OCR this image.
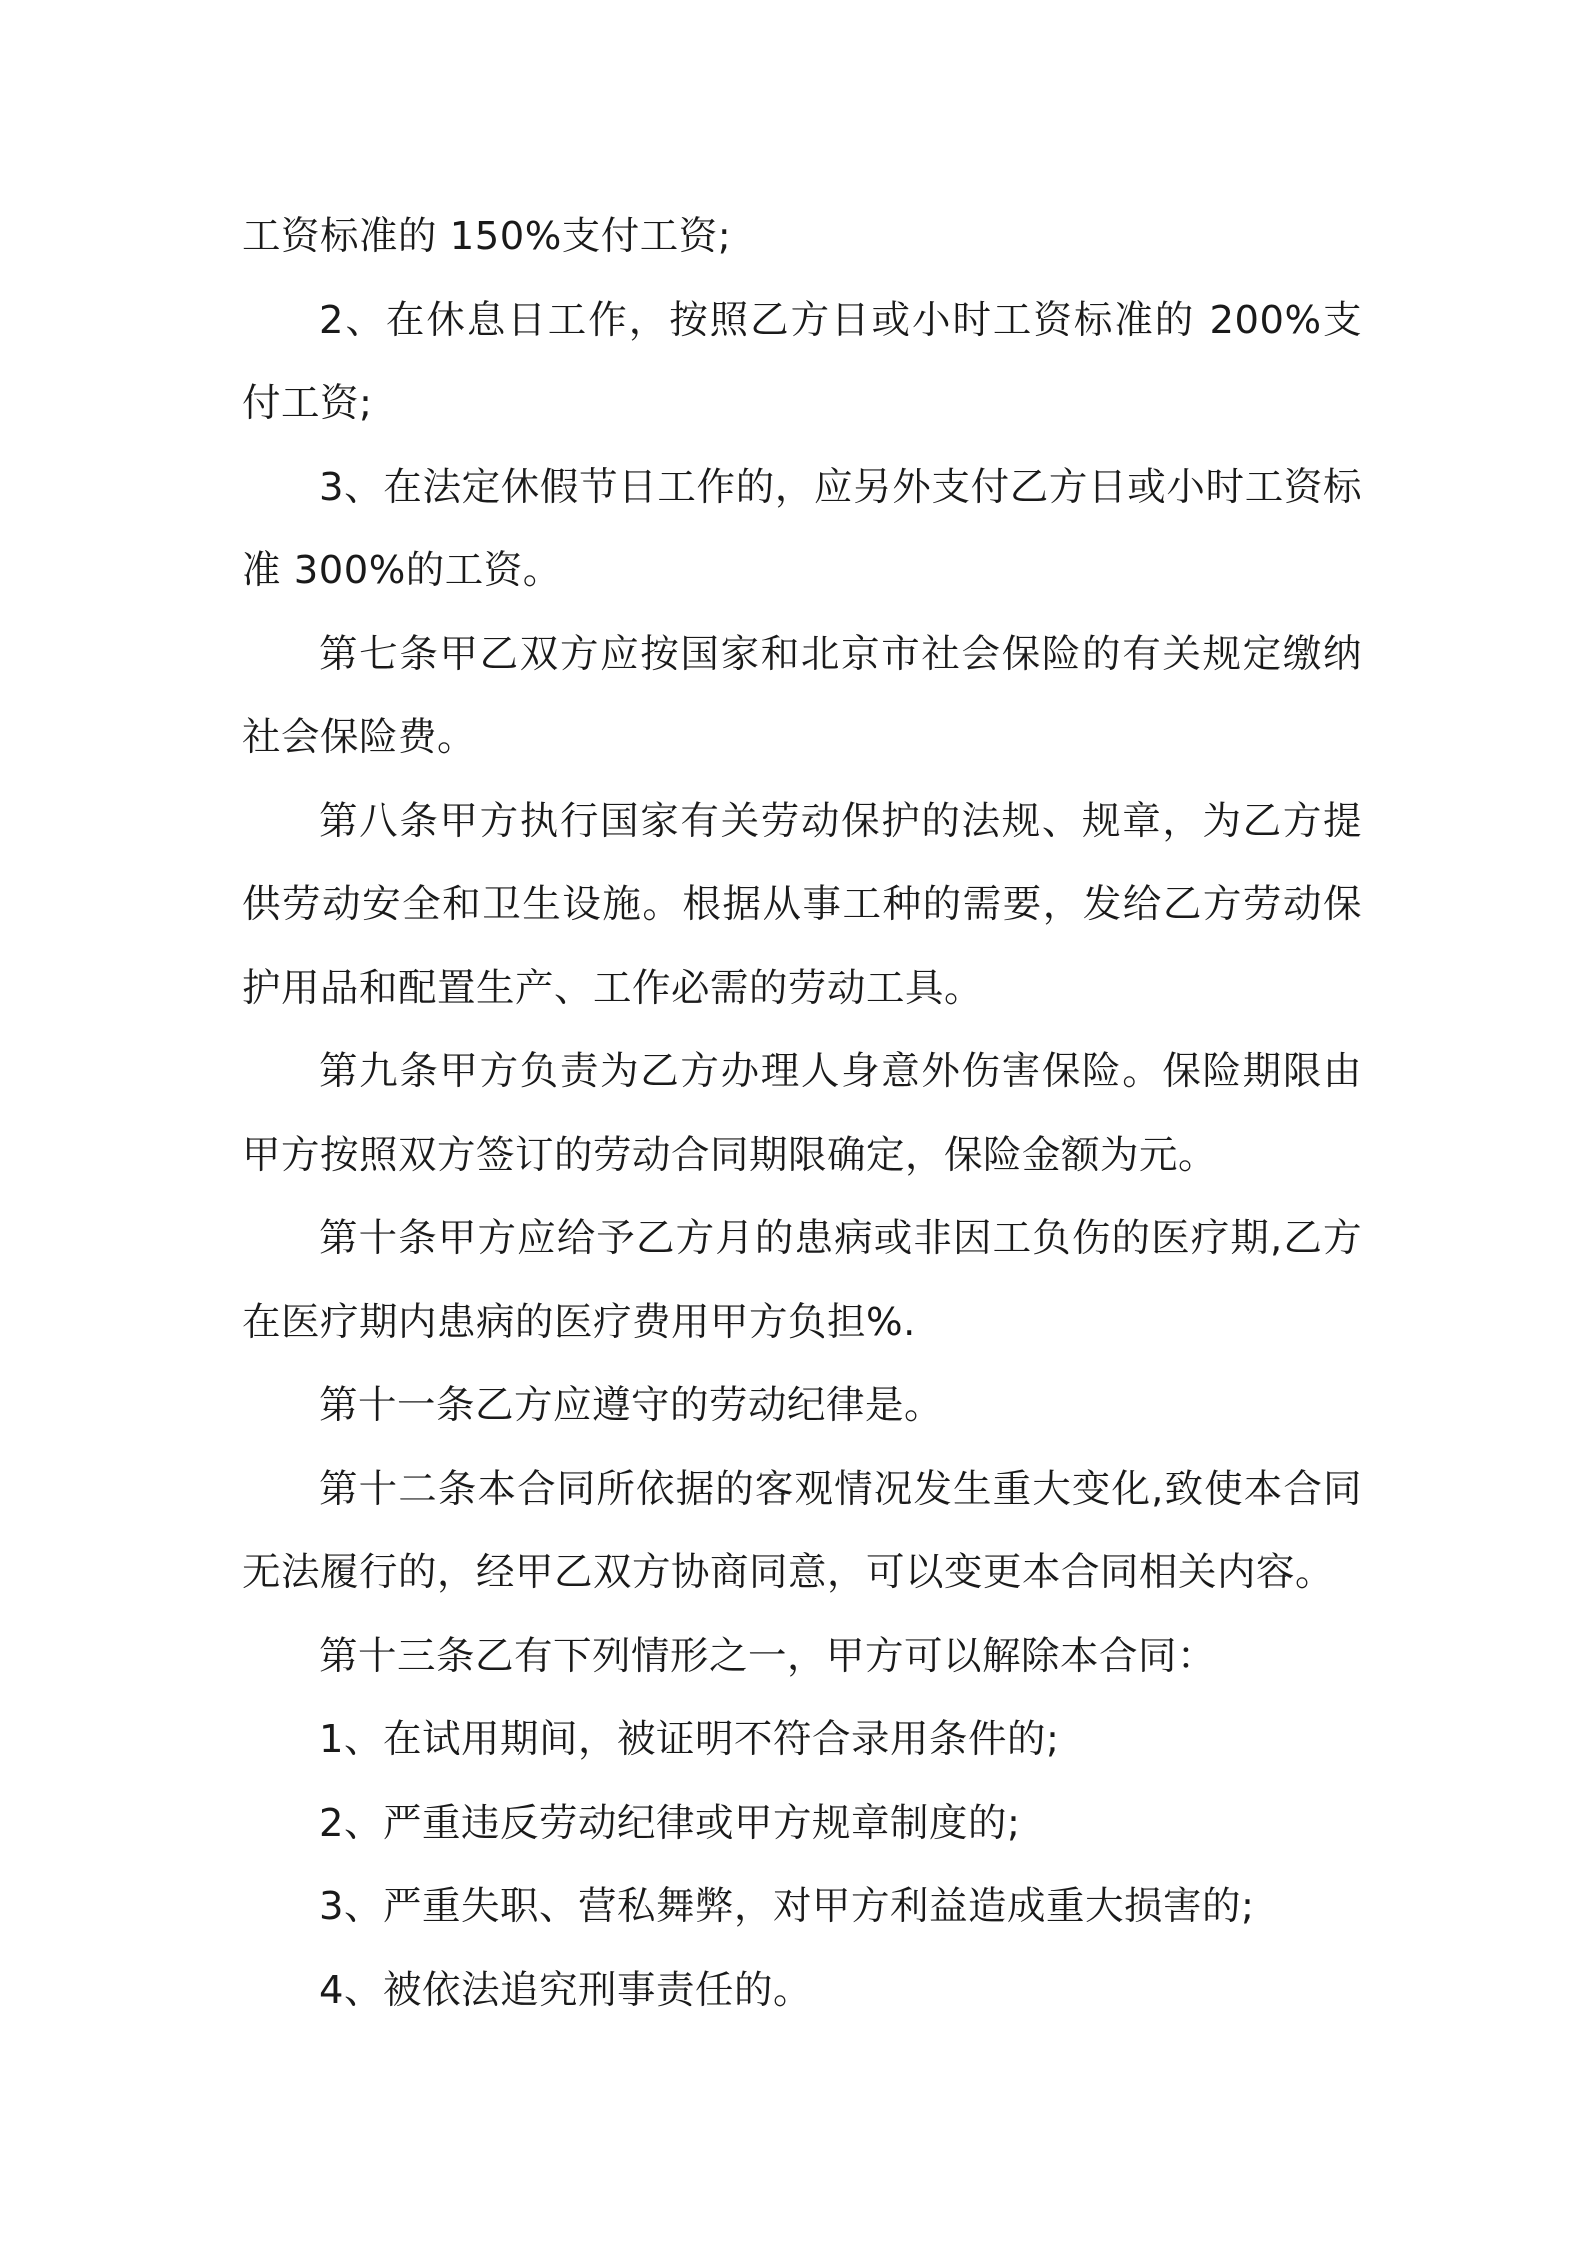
工资标准的 150%支付工资;

2、在休息日工作，按照乙方日或小时工资标准的 200%支付工资;

3、在法定休假节日工作的，应另外支付乙方日或小时工资标准 300%的工资。

第七条甲乙双方应按国家和北京市社会保险的有关规定缴纳社会保险费。

第八条甲方执行国家有关劳动保护的法规、规章，为乙方提供劳动安全和卫生设施。根据从事工种的需要，发给乙方劳动保护用品和配置生产、工作必需的劳动工具。

第九条甲方负责为乙方办理人身意外伤害保险。保险期限由甲方按照双方签订的劳动合同期限确定，保险金额为元。

第十条甲方应给予乙方月的患病或非因工负伤的医疗期,乙方在医疗期内患病的医疗费用甲方负担%.

第十一条乙方应遵守的劳动纪律是。

第十二条本合同所依据的客观情况发生重大变化,致使本合同无法履行的，经甲乙双方协商同意，可以变更本合同相关内容。

第十三条乙有下列情形之一，甲方可以解除本合同：

1、在试用期间，被证明不符合录用条件的;

2、严重违反劳动纪律或甲方规章制度的;

3、严重失职、营私舞弊，对甲方利益造成重大损害的;

4、被依法追究刑事责任的。
